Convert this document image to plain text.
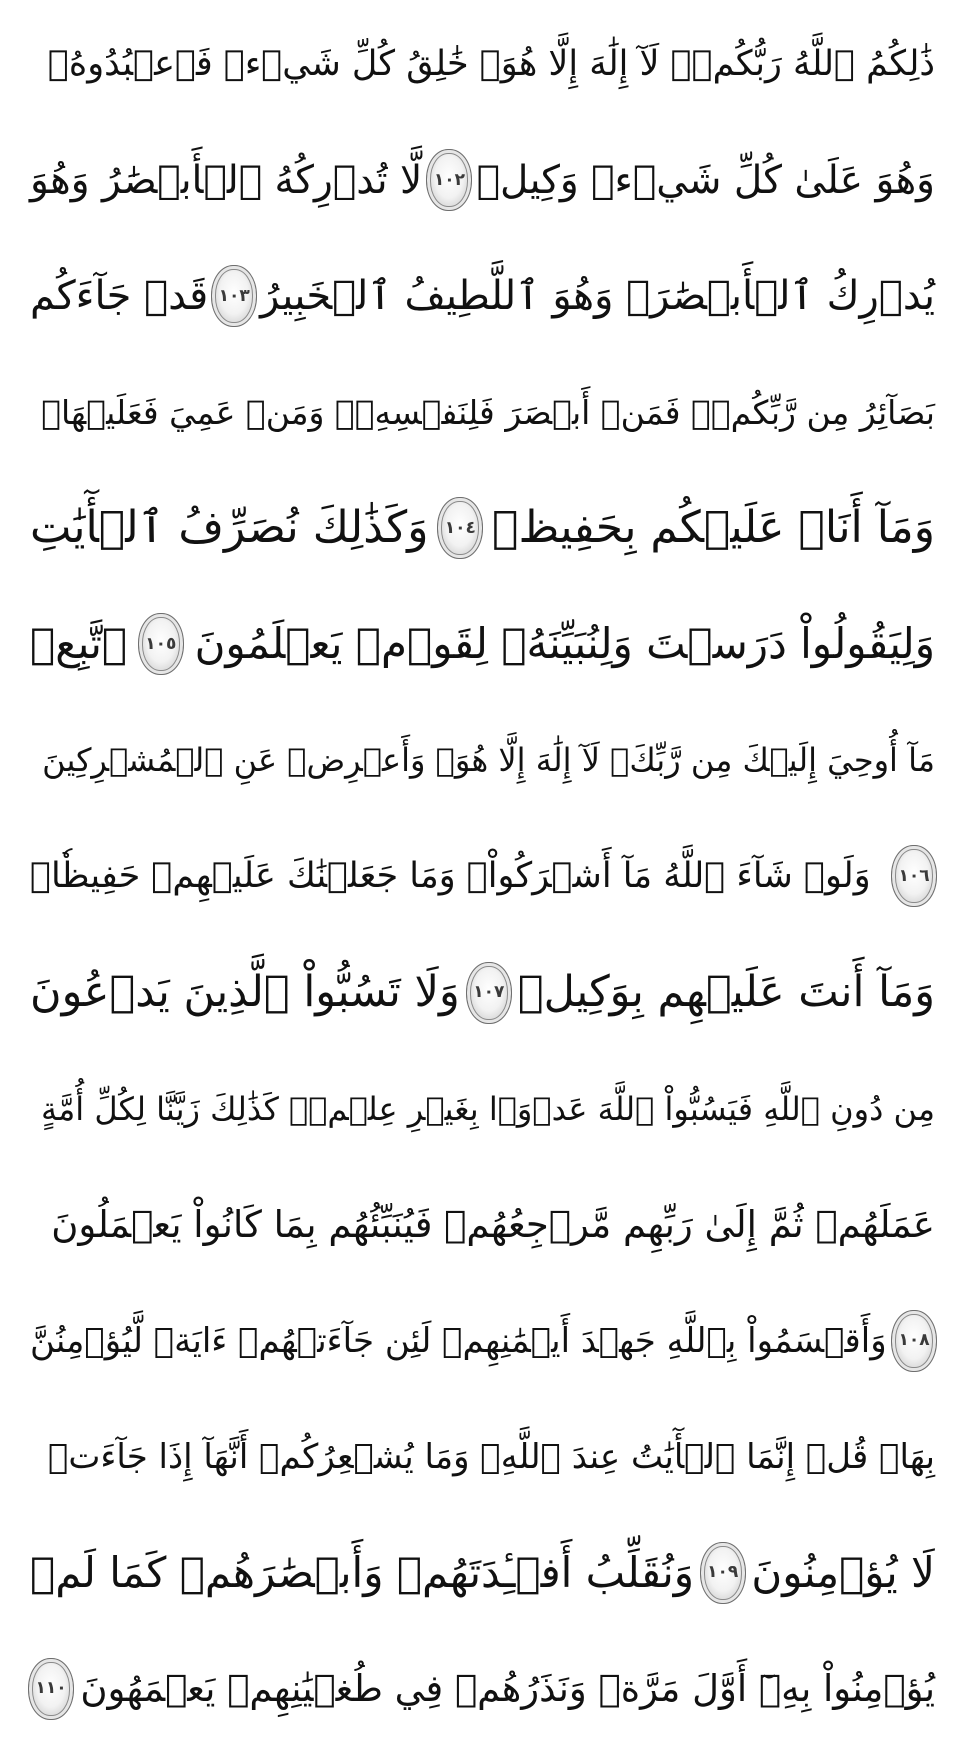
ذَٰلِكُمُ ٱللَّهُ رَبُّكُمۡۖ لَآ إِلَٰهَ إِلَّا هُوَۖ خَٰلِقُ كُلِّ شَيۡءٖ فَٱعۡبُدُوهُۚ
وَهُوَ عَلَىٰ كُلِّ شَيۡءٖ وَكِيلٞ
١٠٢
لَّا تُدۡرِكُهُ ٱلۡأَبۡصَٰرُ وَهُوَ
يُدۡرِكُ ٱلۡأَبۡصَٰرَۖ وَهُوَ ٱللَّطِيفُ ٱلۡخَبِيرُ
١٠٣
قَدۡ جَآءَكُم
بَصَآئِرُ مِن رَّبِّكُمۡۖ فَمَنۡ أَبۡصَرَ فَلِنَفۡسِهِۦۖ وَمَنۡ عَمِيَ فَعَلَيۡهَاۚ
وَمَآ أَنَا۠ عَلَيۡكُم بِحَفِيظٖ
١٠٤
وَكَذَٰلِكَ نُصَرِّفُ ٱلۡأٓيَٰتِ
وَلِيَقُولُواْ دَرَسۡتَ وَلِنُبَيِّنَهُۥ لِقَوۡمٖ يَعۡلَمُونَ
١٠٥
ٱتَّبِعۡ
مَآ أُوحِيَ إِلَيۡكَ مِن رَّبِّكَۖ لَآ إِلَٰهَ إِلَّا هُوَۖ وَأَعۡرِضۡ عَنِ ٱلۡمُشۡرِكِينَ
١٠٦
وَلَوۡ شَآءَ ٱللَّهُ مَآ أَشۡرَكُواْۗ وَمَا جَعَلۡنَٰكَ عَلَيۡهِمۡ حَفِيظٗاۖ
وَمَآ أَنتَ عَلَيۡهِم بِوَكِيلٖ
١٠٧
وَلَا تَسُبُّواْ ٱلَّذِينَ يَدۡعُونَ
مِن دُونِ ٱللَّهِ فَيَسُبُّواْ ٱللَّهَ عَدۡوَۢا بِغَيۡرِ عِلۡمٖۗ كَذَٰلِكَ زَيَّنَّا لِكُلِّ أُمَّةٍ
عَمَلَهُمۡ ثُمَّ إِلَىٰ رَبِّهِم مَّرۡجِعُهُمۡ فَيُنَبِّئُهُم بِمَا كَانُواْ يَعۡمَلُونَ
١٠٨
وَأَقۡسَمُواْ بِٱللَّهِ جَهۡدَ أَيۡمَٰنِهِمۡ لَئِن جَآءَتۡهُمۡ ءَايَةٞ لَّيُؤۡمِنُنَّ
بِهَاۚ قُلۡ إِنَّمَا ٱلۡأٓيَٰتُ عِندَ ٱللَّهِۖ وَمَا يُشۡعِرُكُمۡ أَنَّهَآ إِذَا جَآءَتۡ
لَا يُؤۡمِنُونَ
١٠٩
وَنُقَلِّبُ أَفۡـِٔدَتَهُمۡ وَأَبۡصَٰرَهُمۡ كَمَا لَمۡ
يُؤۡمِنُواْ بِهِۦٓ أَوَّلَ مَرَّةٖ وَنَذَرُهُمۡ فِي طُغۡيَٰنِهِمۡ يَعۡمَهُونَ
١١٠
